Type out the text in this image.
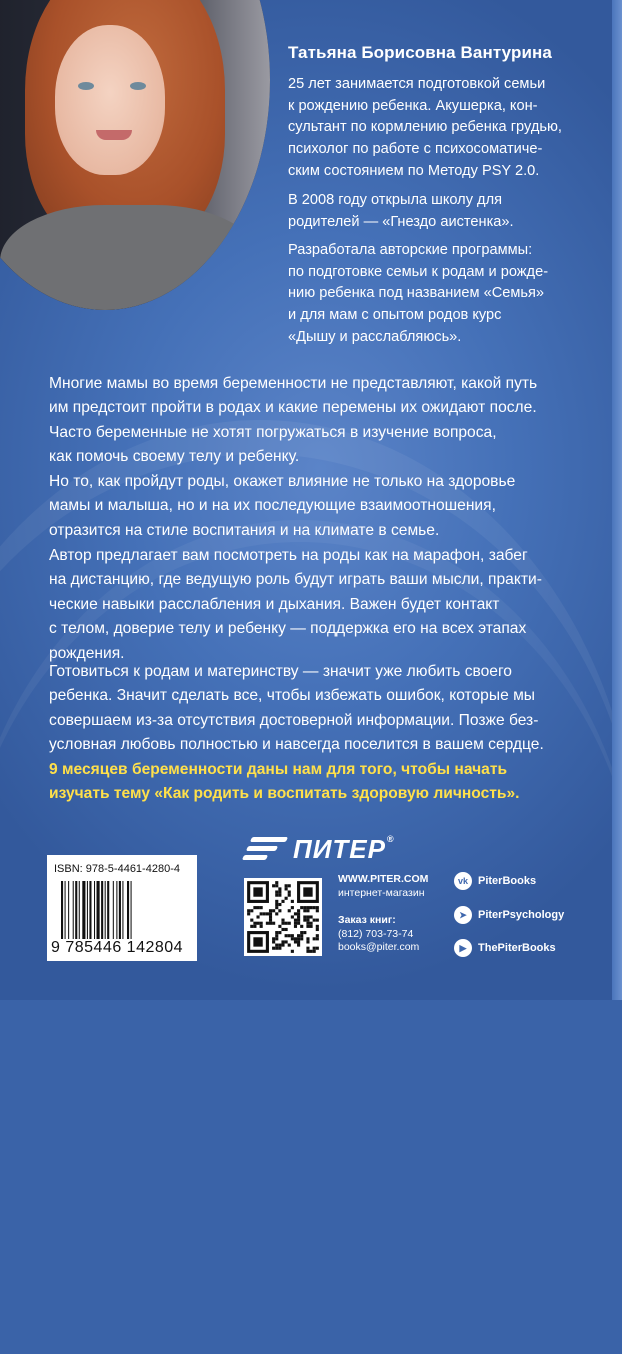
Татьяна Борисовна Вантурина

25 лет занимается подготовкой семьи

к рождению ребенка. Акушерка, кон-

сультант по кормлению ребенка грудью,

психолог по работе с психосоматиче-

ским состоянием по Методу PSY 2.0.

В 2008 году открыла школу для

родителей — «Гнездо аистенка».

Разработала авторские программы:

по подготовке семьи к родам и рожде-

нию ребенка под названием «Семья»

и для мам с опытом родов курс

«Дышу и расслабляюсь».

Многие мамы во время беременности не представляют, какой путь

им предстоит пройти в родах и какие перемены их ожидают после.

Часто беременные не хотят погружаться в изучение вопроса,

как помочь своему телу и ребенку.

Но то, как пройдут роды, окажет влияние не только на здоровье

мамы и малыша, но и на их последующие взаимоотношения,

отразится на стиле воспитания и на климате в семье.

Автор предлагает вам посмотреть на роды как на марафон, забег

на дистанцию, где ведущую роль будут играть ваши мысли, практи-

ческие навыки расслабления и дыхания. Важен будет контакт

с телом, доверие телу и ребенку — поддержка его на всех этапах

рождения.

Готовиться к родам и материнству — значит уже любить своего

ребенка. Значит сделать все, чтобы избежать ошибок, которые мы

совершаем из-за отсутствия достоверной информации. Позже без-

условная любовь полностью и навсегда поселится в вашем сердце.

9 месяцев беременности даны нам для того, чтобы начать
изучать тему «Как родить и воспитать здоровую личность».
ПИТЕР®
ISBN: 978-5-4461-4280-4
9 785446 142804
WWW.PITER.COM
интернет-магазин
Заказ книг:
(812) 703-73-74
books@piter.com
vk PiterBooks
➤	PiterPsychology
▶	ThePiterBooks
